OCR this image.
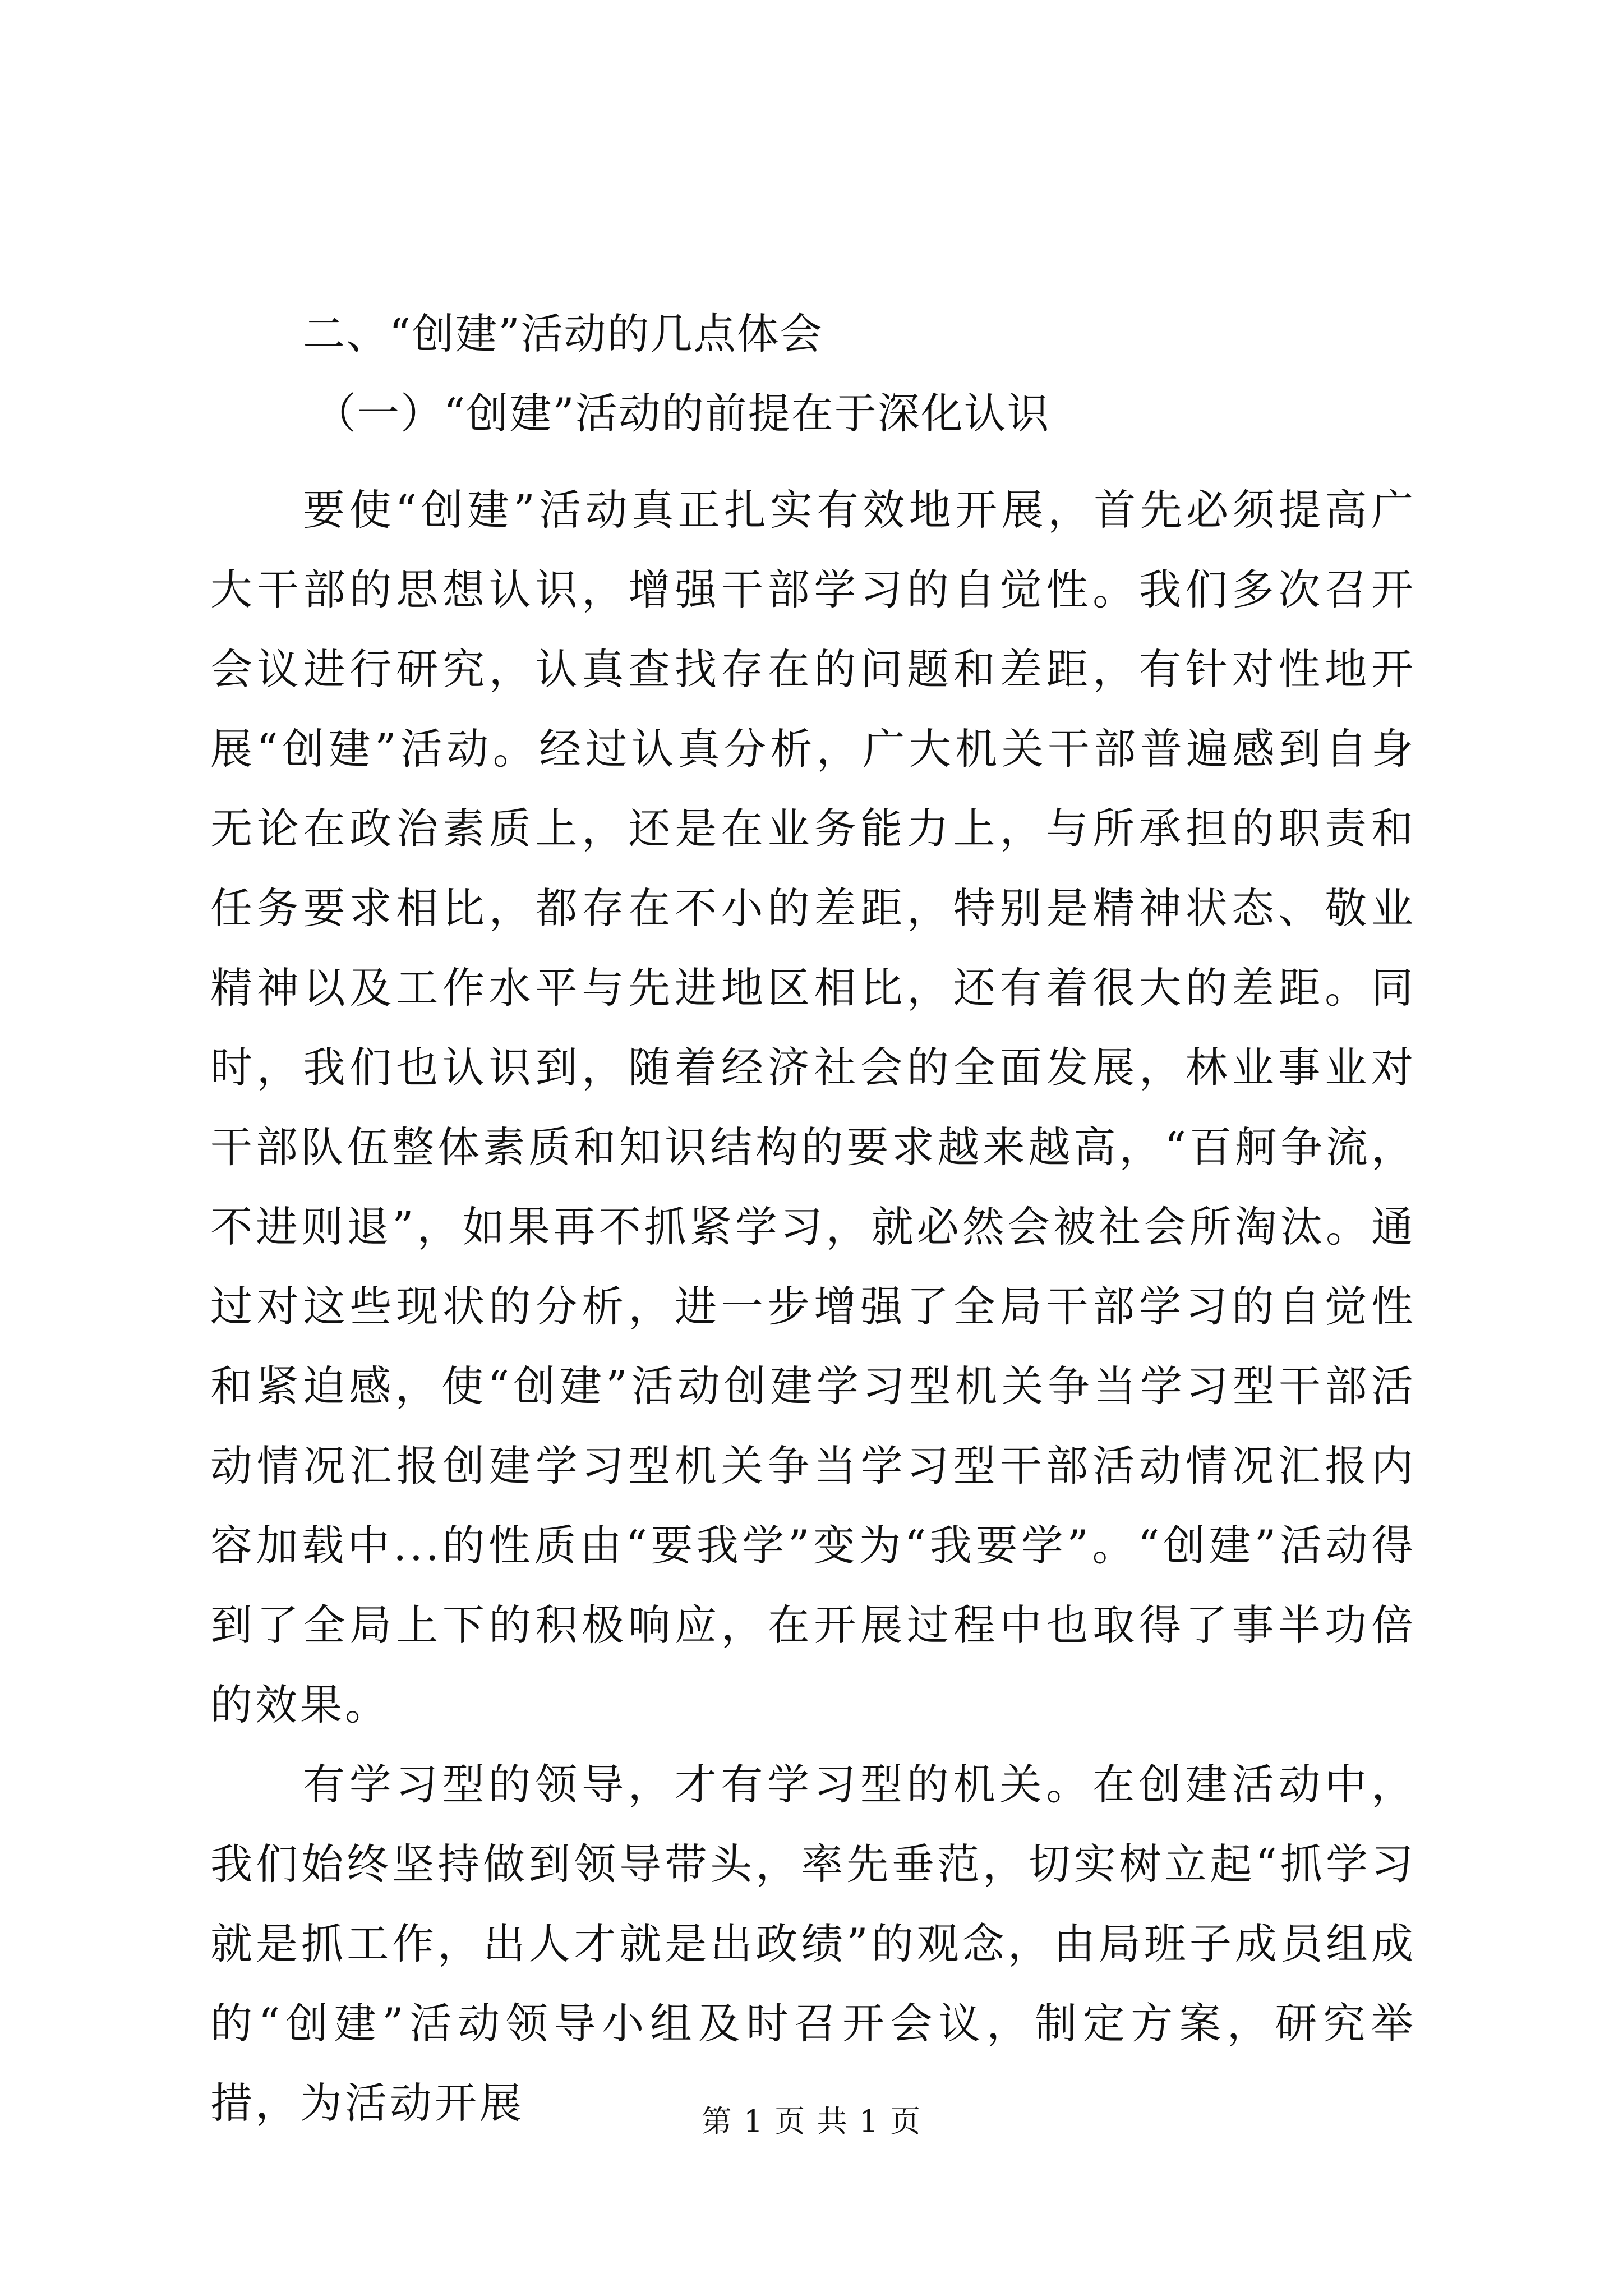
二、“创建”活动的几点体会
（一）“创建”活动的前提在于深化认识

要使“创建”活动真正扎实有效地开展，首先必须提高广大干部的思想认识，增强干部学习的自觉性。我们多次召开会议进行研究，认真查找存在的问题和差距，有针对性地开展“创建”活动。经过认真分析，广大机关干部普遍感到自身无论在政治素质上，还是在业务能力上，与所承担的职责和任务要求相比，都存在不小的差距，特别是精神状态、敬业精神以及工作水平与先进地区相比，还有着很大的差距。同时，我们也认识到，随着经济社会的全面发展，林业事业对干部队伍整体素质和知识结构的要求越来越高，“百舸争流，不进则退”，如果再不抓紧学习，就必然会被社会所淘汰。通过对这些现状的分析，进一步增强了全局干部学习的自觉性和紧迫感，使“创建”活动创建学习型机关争当学习型干部活动情况汇报创建学习型机关争当学习型干部活动情况汇报内容加载中...的性质由“要我学”变为“我要学”。“创建”活动得到了全局上下的积极响应，在开展过程中也取得了事半功倍的效果。

有学习型的领导，才有学习型的机关。在创建活动中，我们始终坚持做到领导带头，率先垂范，切实树立起“抓学习就是抓工作，出人才就是出政绩”的观念，由局班子成员组成的“创建”活动领导小组及时召开会议，制定方案，研究举措，为活动开展	第 1 页 共 1 页
